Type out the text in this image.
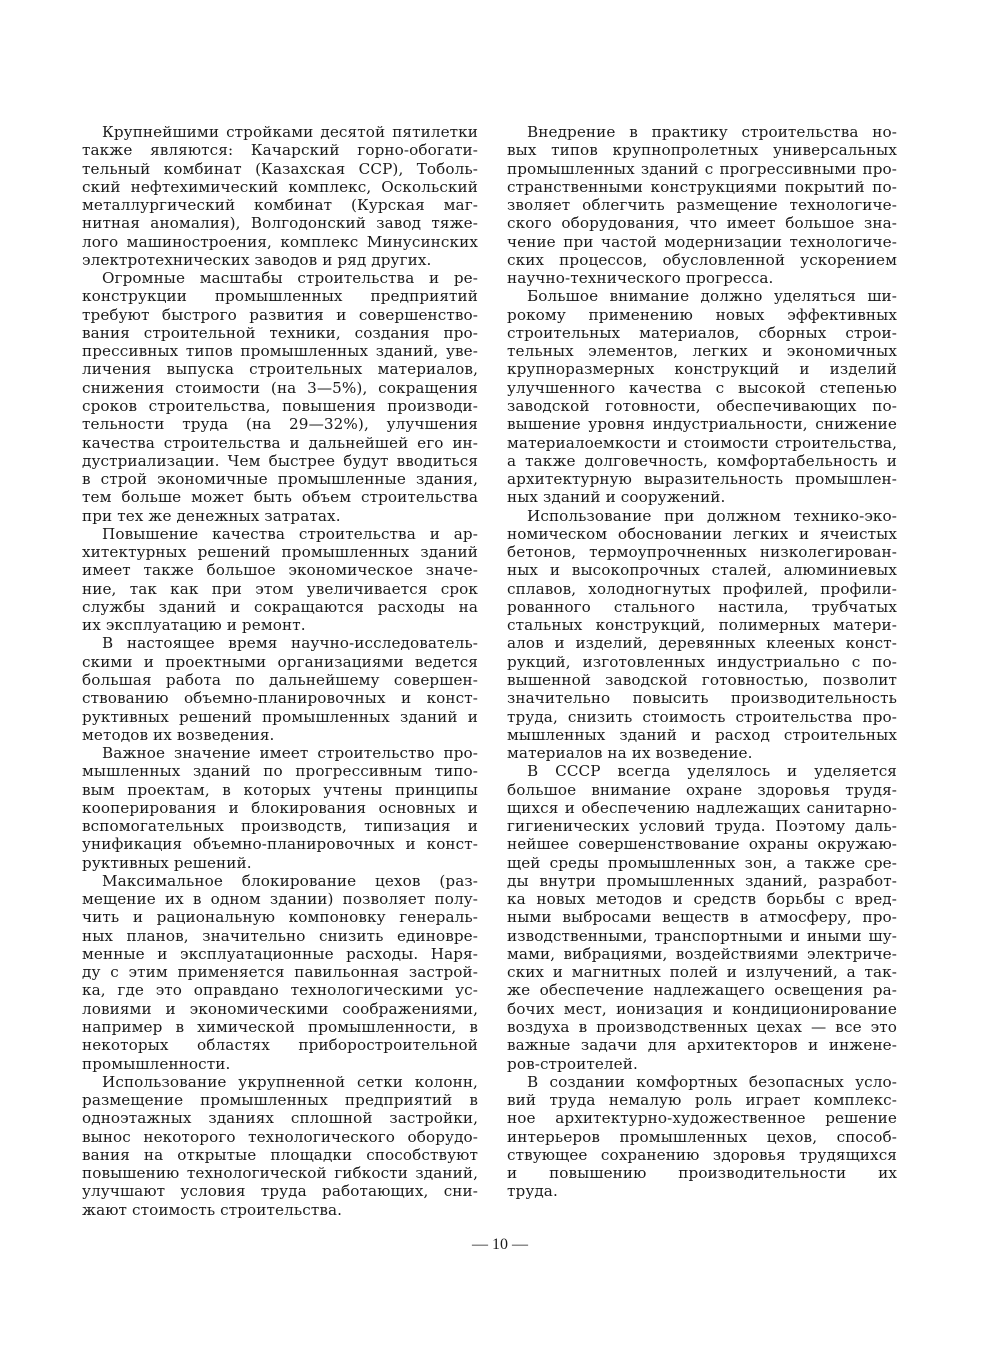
Крупнейшими стройками десятой пятилетки
также являются: Качарский горно-обогати-
тельный комбинат (Казахская ССР), Тоболь-
ский нефтехимический комплекс, Оскольский
металлургический комбинат (Курская маг-
нитная аномалия), Волгодонский завод тяже-
лого машиностроения, комплекс Минусинских
электротехнических заводов и ряд других.
Огромные масштабы строительства и ре-
конструкции промышленных предприятий
требуют быстрого развития и совершенство-
вания строительной техники, создания про-
прессивных типов промышленных зданий, уве-
личения выпуска строительных материалов,
снижения стоимости (на 3—5%), сокращения
сроков строительства, повышения производи-
тельности труда (на 29—32%), улучшения
качества строительства и дальнейшей его ин-
дустриализации. Чем быстрее будут вводиться
в строй экономичные промышленные здания,
тем больше может быть объем строительства
при тех же денежных затратах.
Повышение качества строительства и ар-
хитектурных решений промышленных зданий
имеет также большое экономическое значе-
ние, так как при этом увеличивается срок
службы зданий и сокращаются расходы на
их эксплуатацию и ремонт.
В настоящее время научно-исследователь-
скими и проектными организациями ведется
большая работа по дальнейшему совершен-
ствованию объемно-планировочных и конст-
руктивных решений промышленных зданий и
методов их возведения.
Важное значение имеет строительство про-
мышленных зданий по прогрессивным типо-
вым проектам, в которых учтены принципы
кооперирования и блокирования основных и
вспомогательных производств, типизация и
унификация объемно-планировочных и конст-
руктивных решений.
Максимальное блокирование цехов (раз-
мещение их в одном здании) позволяет полу-
чить и рациональную компоновку генераль-
ных планов, значительно снизить единовре-
менные и эксплуатационные расходы. Наря-
ду с этим применяется павильонная застрой-
ка, где это оправдано технологическими ус-
ловиями и экономическими соображениями,
например в химической промышленности, в
некоторых областях приборостроительной
промышленности.
Использование укрупненной сетки колонн,
размещение промышленных предприятий в
одноэтажных зданиях сплошной застройки,
вынос некоторого технологического оборудо-
вания на открытые площадки способствуют
повышению технологической гибкости зданий,
улучшают условия труда работающих, сни-
жают стоимость строительства.
Внедрение в практику строительства но-
вых типов крупнопролетных универсальных
промышленных зданий с прогрессивными про-
странственными конструкциями покрытий по-
зволяет облегчить размещение технологиче-
ского оборудования, что имеет большое зна-
чение при частой модернизации технологиче-
ских процессов, обусловленной ускорением
научно-технического прогресса.
Большое внимание должно уделяться ши-
рокому применению новых эффективных
строительных материалов, сборных строи-
тельных элементов, легких и экономичных
крупноразмерных конструкций и изделий
улучшенного качества с высокой степенью
заводской готовности, обеспечивающих по-
вышение уровня индустриальности, снижение
материалоемкости и стоимости строительства,
а также долговечность, комфортабельность и
архитектурную выразительность промышлен-
ных зданий и сооружений.
Использование при должном технико-эко-
номическом обосновании легких и ячеистых
бетонов, термоупрочненных низколегирован-
ных и высокопрочных сталей, алюминиевых
сплавов, холодногнутых профилей, профили-
рованного стального настила, трубчатых
стальных конструкций, полимерных матери-
алов и изделий, деревянных клееных конст-
рукций, изготовленных индустриально с по-
вышенной заводской готовностью, позволит
значительно повысить производительность
труда, снизить стоимость строительства про-
мышленных зданий и расход строительных
материалов на их возведение.
В СССР всегда уделялось и уделяется
большое внимание охране здоровья трудя-
щихся и обеспечению надлежащих санитарно-
гигиенических условий труда. Поэтому даль-
нейшее совершенствование охраны окружаю-
щей среды промышленных зон, а также сре-
ды внутри промышленных зданий, разработ-
ка новых методов и средств борьбы с вред-
ными выбросами веществ в атмосферу, про-
изводственными, транспортными и иными шу-
мами, вибрациями, воздействиями электриче-
ских и магнитных полей и излучений, а так-
же обеспечение надлежащего освещения ра-
бочих мест, ионизация и кондиционирование
воздуха в производственных цехах — все это
важные задачи для архитекторов и инжене-
ров-строителей.
В создании комфортных безопасных усло-
вий труда немалую роль играет комплекс-
ное архитектурно-художественное решение
интерьеров промышленных цехов, способ-
ствующее сохранению здоровья трудящихся
и повышению производительности их
труда.
— 10 —
